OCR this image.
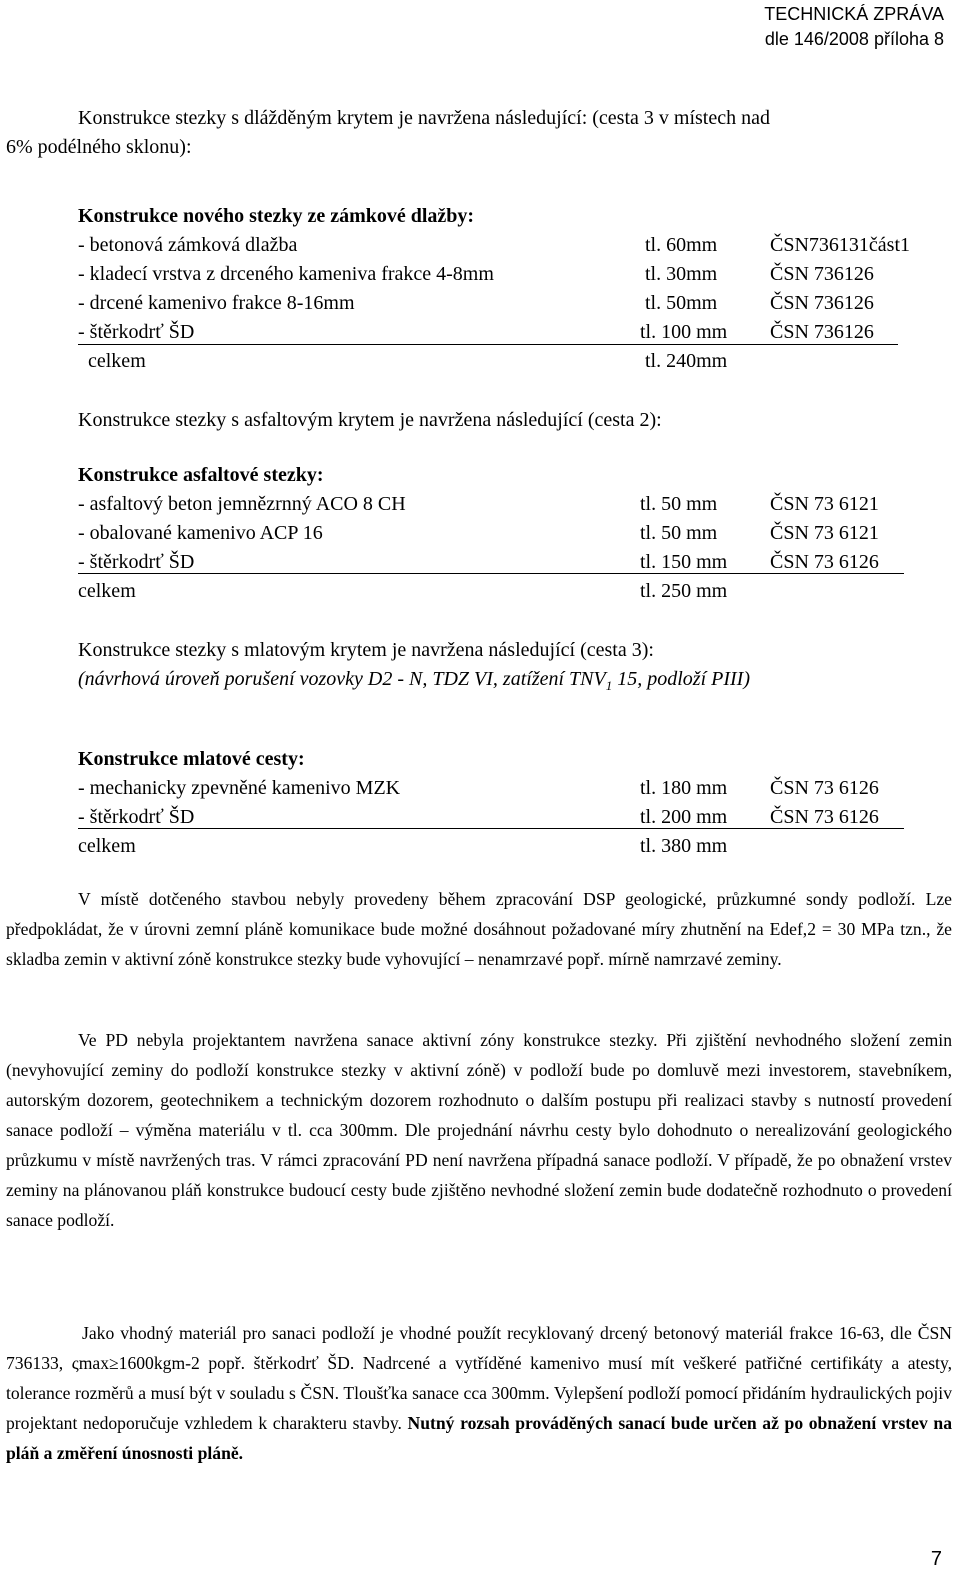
TECHNICKÁ ZPRÁVA
dle 146/2008 příloha 8
Konstrukce stezky s dlážděným krytem je navržena následující: (cesta 3 v místech nad
6% podélného sklonu):
Konstrukce nového stezky ze zámkové dlažby:
- betonová zámková dlažba	tl. 60mm	ČSN736131část1
- kladecí vrstva z drceného kameniva frakce 4-8mm	tl. 30mm	ČSN 736126
- drcené kamenivo frakce 8-16mm	tl. 50mm	ČSN 736126
- štěrkodrť ŠD	tl. 100 mm ČSN 736126
celkem	tl. 240mm
Konstrukce stezky s asfaltovým krytem je navržena následující (cesta 2):
Konstrukce asfaltové stezky:
- asfaltový beton jemnězrnný ACO 8 CH	tl. 50 mm	ČSN 73 6121
- obalované kamenivo ACP 16	tl. 50 mm	ČSN 73 6121
- štěrkodrť ŠD	tl. 150 mm ČSN 73 6126
celkem	tl. 250 mm
Konstrukce stezky s mlatovým krytem je navržena následující (cesta 3):
(návrhová úroveň porušení vozovky D2 - N, TDZ VI, zatížení $TNV_1$ 15, podloží PIII)
Konstrukce mlatové cesty:
- mechanicky zpevněné kamenivo MZK	tl. 180 mm ČSN 73 6126
- štěrkodrť ŠD	tl. 200 mm ČSN 73 6126
celkem	tl. 380 mm
V místě dotčeného stavbou nebyly provedeny během zpracování DSP geologické, průzkumné sondy podloží. Lze předpokládat, že v úrovni zemní pláně komunikace bude možné dosáhnout požadované míry zhutnění na Edef,2 = 30 MPa tzn., že skladba zemin v aktivní zóně konstrukce stezky bude vyhovující – nenamrzavé popř. mírně namrzavé zeminy.
Ve PD nebyla projektantem navržena sanace aktivní zóny konstrukce stezky. Při zjištění nevhodného složení zemin (nevyhovující zeminy do podloží konstrukce stezky v aktivní zóně) v podloží bude po domluvě mezi investorem, stavebníkem, autorským dozorem, geotechnikem a technickým dozorem rozhodnuto o dalším postupu při realizaci stavby s nutností provedení sanace podloží – výměna materiálu v tl. cca 300mm. Dle projednání návrhu cesty bylo dohodnuto o nerealizování geologického průzkumu v místě navržených tras. V rámci zpracování PD není navržena případná sanace podloží. V případě, že po obnažení vrstev zeminy na plánovanou pláň konstrukce budoucí cesty bude zjištěno nevhodné složení zemin bude dodatečně rozhodnuto o provedení sanace podloží.
Jako vhodný materiál pro sanaci podloží je vhodné použít recyklovaný drcený betonový materiál frakce 16-63, dle ČSN 736133, ςmax≥1600kgm-2 popř. štěrkodrť ŠD. Nadrcené a vytříděné kamenivo musí mít veškeré patřičné certifikáty a atesty, tolerance rozměrů a musí být v souladu s ČSN. Tloušťka sanace cca 300mm. Vylepšení podloží pomocí přidáním hydraulických pojiv projektant nedoporučuje vzhledem k charakteru stavby. Nutný rozsah prováděných sanací bude určen až po obnažení vrstev na pláň a změření únosnosti pláně.
7
